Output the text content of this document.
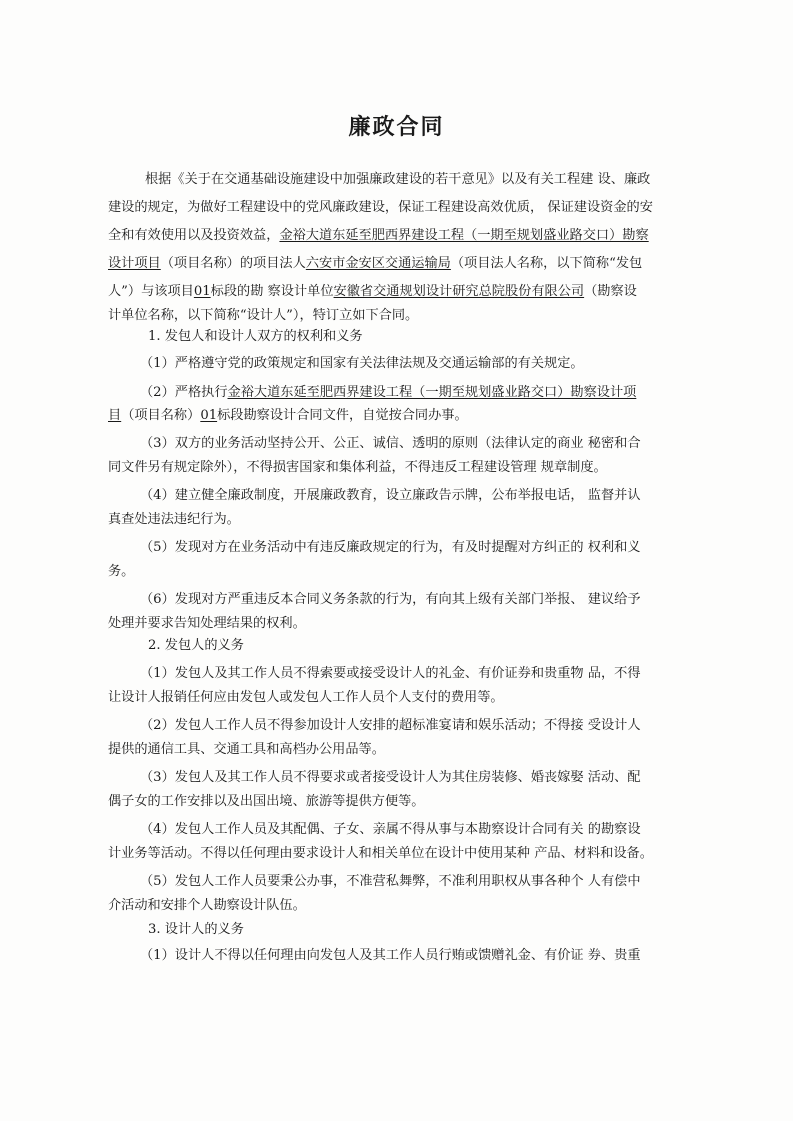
廉政合同
根据《关于在交通基础设施建设中加强廉政建设的若干意见》以及有关工程建 设、廉政
建设的规定，为做好工程建设中的党风廉政建设，保证工程建设高效优质， 保证建设资金的安
全和有效使用以及投资效益，金裕大道东延至肥西界建设工程（一期至规划盛业路交口）勘察
设计项目（项目名称）的项目法人六安市金安区交通运输局（项目法人名称，以下简称“发包
人”）与该项目01标段的勘 察设计单位安徽省交通规划设计研究总院股份有限公司（勘察设
计单位名称，以下简称“设计人”），特订立如下合同。
1. 发包人和设计人双方的权利和义务
（1）严格遵守党的政策规定和国家有关法律法规及交通运输部的有关规定。
（2）严格执行金裕大道东延至肥西界建设工程（一期至规划盛业路交口）勘察设计项
目（项目名称）01标段勘察设计合同文件，自觉按合同办事。
（3）双方的业务活动坚持公开、公正、诚信、透明的原则（法律认定的商业 秘密和合
同文件另有规定除外），不得损害国家和集体利益，不得违反工程建设管理 规章制度。
（4）建立健全廉政制度，开展廉政教育，设立廉政告示牌，公布举报电话， 监督并认
真查处违法违纪行为。
（5）发现对方在业务活动中有违反廉政规定的行为，有及时提醒对方纠正的 权利和义
务。
（6）发现对方严重违反本合同义务条款的行为，有向其上级有关部门举报、 建议给予
处理并要求告知处理结果的权利。
2. 发包人的义务
（1）发包人及其工作人员不得索要或接受设计人的礼金、有价证券和贵重物 品，不得
让设计人报销任何应由发包人或发包人工作人员个人支付的费用等。
（2）发包人工作人员不得参加设计人安排的超标准宴请和娱乐活动；不得接 受设计人
提供的通信工具、交通工具和高档办公用品等。
（3）发包人及其工作人员不得要求或者接受设计人为其住房装修、婚丧嫁娶 活动、配
偶子女的工作安排以及出国出境、旅游等提供方便等。
（4）发包人工作人员及其配偶、子女、亲属不得从事与本勘察设计合同有关 的勘察设
计业务等活动。不得以任何理由要求设计人和相关单位在设计中使用某种 产品、材料和设备。
（5）发包人工作人员要秉公办事，不准营私舞弊，不准利用职权从事各种个 人有偿中
介活动和安排个人勘察设计队伍。
3. 设计人的义务
（1）设计人不得以任何理由向发包人及其工作人员行贿或馈赠礼金、有价证 券、贵重
